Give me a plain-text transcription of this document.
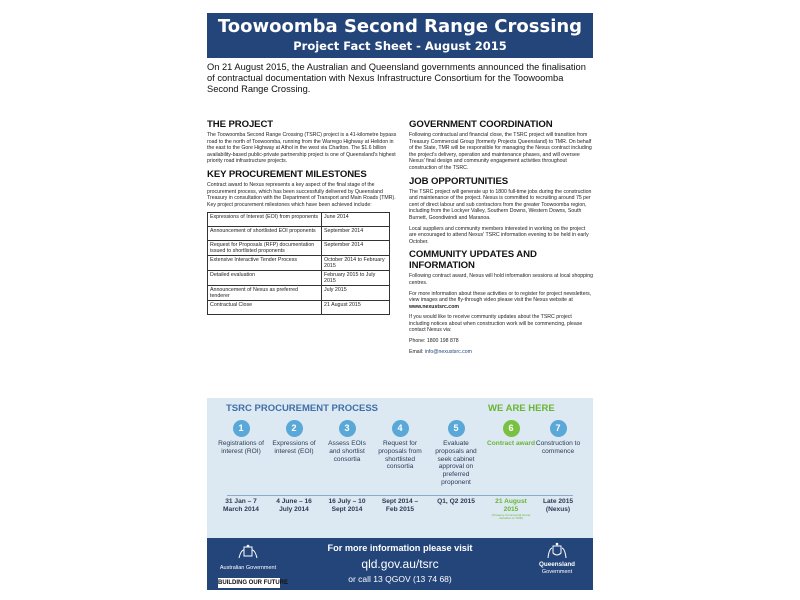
Toowoomba Second Range Crossing
Project Fact Sheet - August 2015
On 21 August 2015, the Australian and Queensland governments announced the finalisation of contractual documentation with Nexus Infrastructure Consortium for the Toowoomba Second Range Crossing.
THE PROJECT

The Toowoomba Second Range Crossing (TSRC) project is a 41-kilometre bypass road to the north of Toowoomba, running from the Warrego Highway at Helidon in the east to the Gore Highway at Athol in the west via Charlton. The $1.6 billion availability-based public-private partnership project is one of Queensland's highest priority road infrastructure projects.

KEY PROCUREMENT MILESTONES

Contract award to Nexus represents a key aspect of the final stage of the procurement process, which has been successfully delivered by Queensland Treasury in consultation with the Department of Transport and Main Roads (TMR). Key project procurement milestones which have been achieved include:

Expressions of Interest (EOI) from proponents	June 2014
Announcement of shortlisted EOI proponents	September 2014
Request for Proposals (RFP) documentation issued to shortlisted proponents	September 2014
Extensive Interactive Tender Process	October 2014 to February 2015
Detailed evaluation	February 2015 to July 2015
Announcement of Nexus as preferred tenderer	July 2015
Contractual Close	21 August 2015
GOVERNMENT COORDINATION

Following contractual and financial close, the TSRC project will transition from Treasury Commercial Group (formerly Projects Queensland) to TMR. On behalf of the State, TMR will be responsible for managing the Nexus contract including the project's delivery, operation and maintenance phases, and will oversee Nexus' final design and community engagement activities throughout construction of the TSRC.

JOB OPPORTUNITIES

The TSRC project will generate up to 1800 full-time jobs during the construction and maintenance of the project. Nexus is committed to recruiting around 75 per cent of direct labour and sub contractors from the greater Toowoomba region, including from the Lockyer Valley, Southern Downs, Western Downs, South Burnett, Goondiwindi and Maranoa.

Local suppliers and community members interested in working on the project are encouraged to attend Nexus' TSRC information evening to be held in early October.

COMMUNITY UPDATES AND INFORMATION

Following contract award, Nexus will hold information sessions at local shopping centres.

For more information about these activities or to register for project newsletters, view images and the fly-through video please visit the Nexus website at www.nexustsrc.com

If you would like to receive community updates about the TSRC project including notices about when construction work will be commencing, please contact Nexus via:

Phone: 1800 198 878

Email: info@nexustsrc.com

TSRC PROCUREMENT PROCESS	WE ARE HERE
1
Registrations of interest (ROI)
2
Expressions of interest (EOI)
3
Assess EOIs and shortlist consortia
4
Request for proposals from shortlisted consortia
5
Evaluate proposals and seek cabinet approval on preferred proponent
6
Contract award
7
Construction to commence
31 Jan – 7 March 2014
4 June – 16 July 2014
16 July – 10 Sept 2014
Sept 2014 – Feb 2015
Q1, Q2 2015	21 August 2015
(Treasury Commercial Group transition to TMR)
Late 2015 (Nexus)
Australian Government
BUILDING OUR FUTURE
For more information please visit
qld.gov.au/tsrc
or call 13 QGOV (13 74 68)
Queensland
Government
